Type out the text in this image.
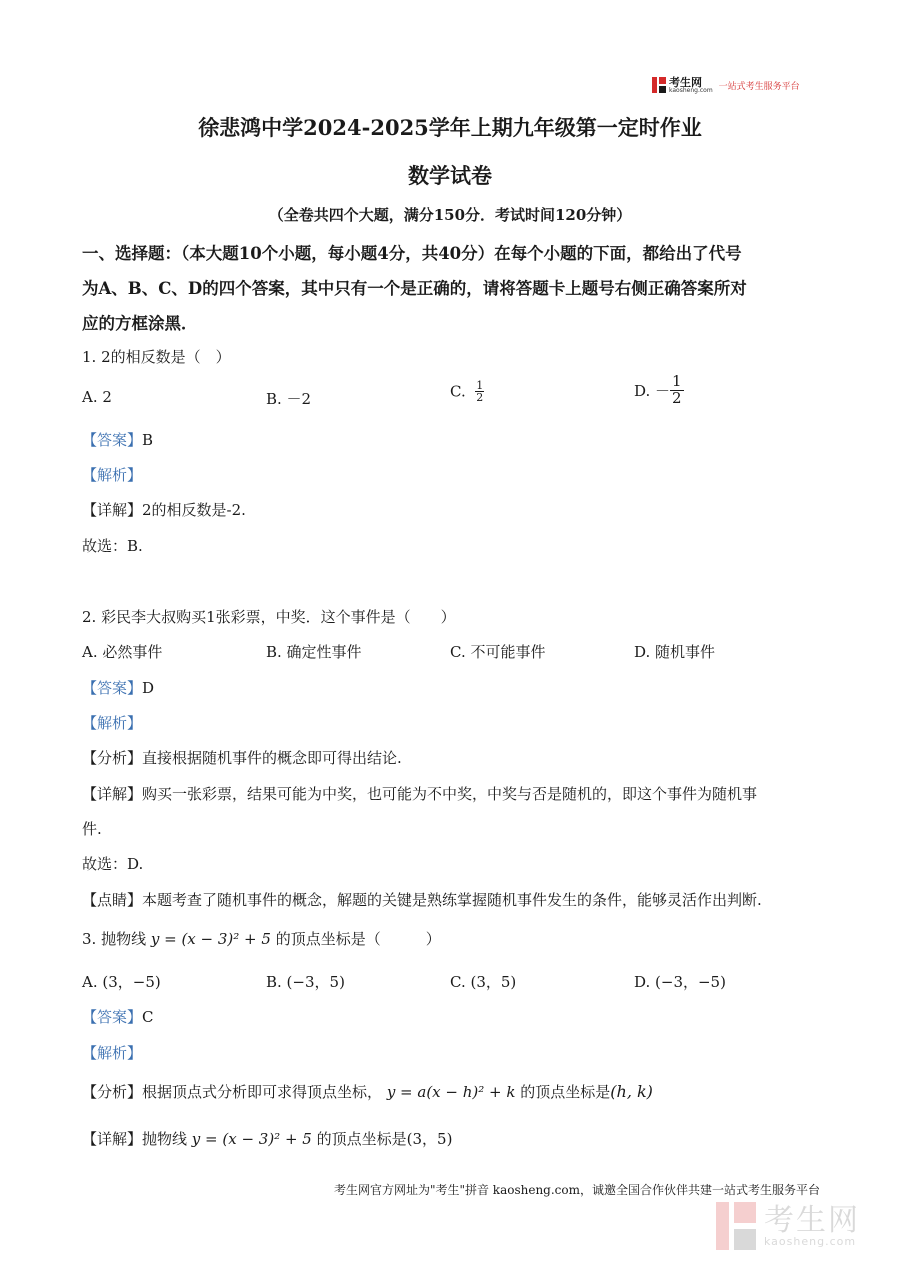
考生网
kaosheng.com 一站式考生服务平台
徐悲鸿中学2024-2025学年上期九年级第一定时作业
数学试卷
（全卷共四个大题，满分150分．考试时间120分钟）
一、选择题：（本大题10个小题，每小题4分，共40分）在每个小题的下面，都给出了代号
为A、B、C、D的四个答案，其中只有一个是正确的，请将答题卡上题号右侧正确答案所对
应的方框涂黑．
1. 2的相反数是（　）
A. 2	B. －2	C. $\frac{1}{2}$	D. － $\frac{1}{2}$
【答案】B
【解析】
【详解】2的相反数是-2.
故选：B.
2. 彩民李大叔购买1张彩票，中奖．这个事件是（　　）
A. 必然事件	B. 确定性事件	C. 不可能事件	D. 随机事件
【答案】D
【解析】
【分析】直接根据随机事件的概念即可得出结论.
【详解】购买一张彩票，结果可能为中奖，也可能为不中奖，中奖与否是随机的，即这个事件为随机事
件.
故选：D.
【点睛】本题考查了随机事件的概念，解题的关键是熟练掌握随机事件发生的条件，能够灵活作出判断.
3. 抛物线 y = (x − 3)² + 5 的顶点坐标是（　　　）
A. (3，−5)	B. (−3，5)	C. (3，5)	D. (−3，−5)
【答案】C
【解析】
【分析】根据顶点式分析即可求得顶点坐标， y = a(x − h)² + k 的顶点坐标是(h, k)
【详解】抛物线 y = (x − 3)² + 5 的顶点坐标是(3，5)
考生网官方网址为"考生"拼音 kaosheng.com，诚邀全国合作伙伴共建一站式考生服务平台
考生网
kaosheng.com
